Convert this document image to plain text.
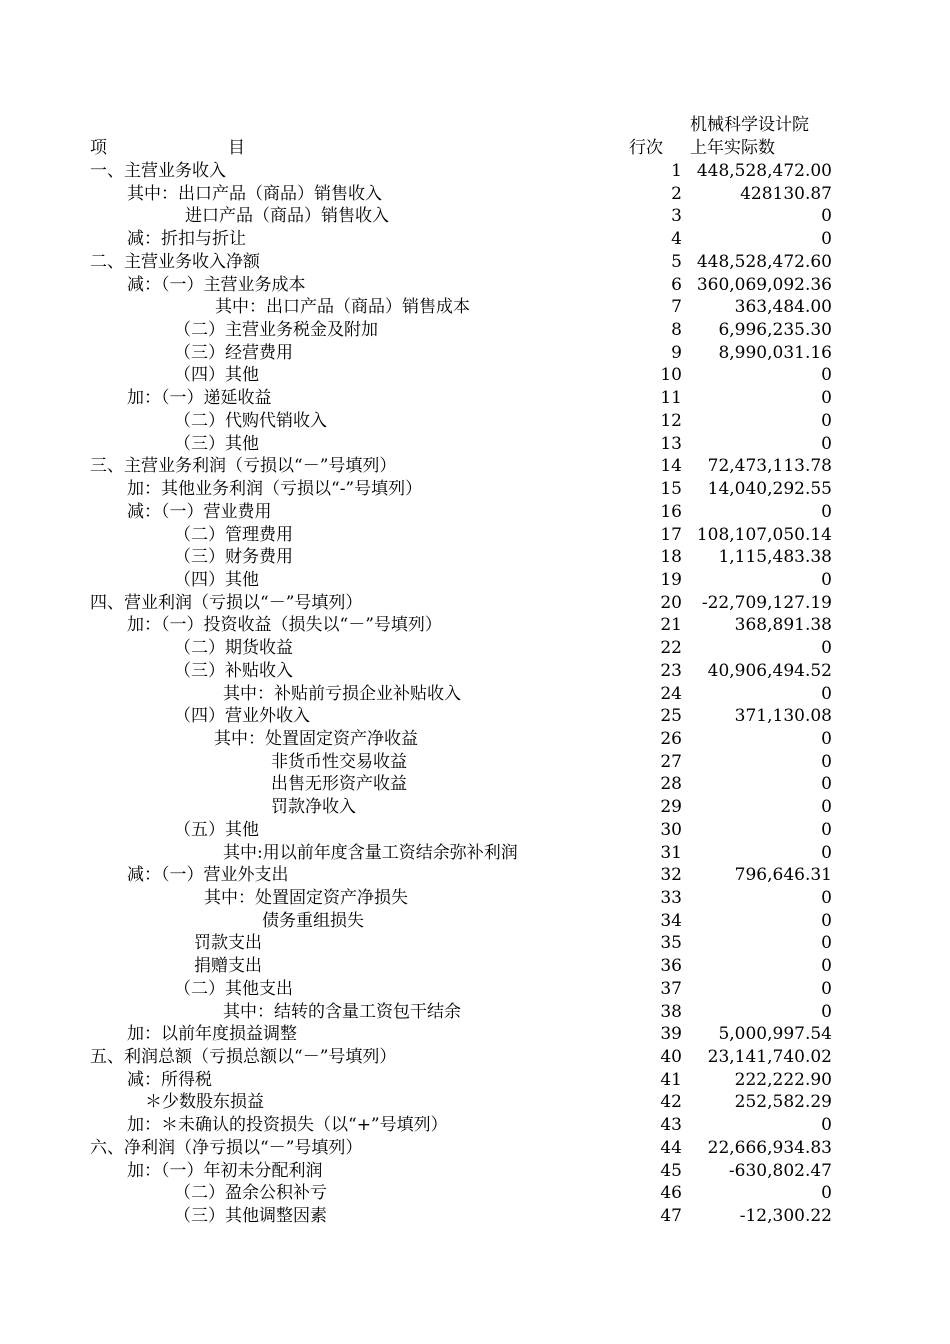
机械科学设计院
项	目	行次 上年实际数
一、主营业务收入	1 448,528,472.00
其中：出口产品（商品）销售收入	2	428130.87
进口产品（商品）销售收入	3	0
减：折扣与折让	4	0
二、主营业务收入净额	5 448,528,472.60
减：（一）主营业务成本	6 360,069,092.36
其中：出口产品（商品）销售成本	7	363,484.00
（二）主营业务税金及附加	8	6,996,235.30
（三）经营费用	9	8,990,031.16
（四）其他	10	0
加：（一）递延收益	11	0
（二）代购代销收入	12	0
（三）其他	13	0
三、主营业务利润（亏损以“－”号填列）	14	72,473,113.78
加：其他业务利润（亏损以“-”号填列）	15	14,040,292.55
减：（一）营业费用	16	0
（二）管理费用	17 108,107,050.14
（三）财务费用	18	1,115,483.38
（四）其他	19	0
四、营业利润（亏损以“－”号填列）	20	-22,709,127.19
加：（一）投资收益（损失以“－”号填列）	21	368,891.38
（二）期货收益	22	0
（三）补贴收入	23	40,906,494.52
其中：补贴前亏损企业补贴收入	24	0
（四）营业外收入	25	371,130.08
其中：处置固定资产净收益	26	0
非货币性交易收益	27	0
出售无形资产收益	28	0
罚款净收入	29	0
（五）其他	30	0
其中:用以前年度含量工资结余弥补利润	31	0
减：（一）营业外支出	32	796,646.31
其中：处置固定资产净损失	33	0
债务重组损失	34	0
罚款支出	35	0
捐赠支出	36	0
（二）其他支出	37	0
其中：结转的含量工资包干结余	38	0
加：以前年度损益调整	39	5,000,997.54
五、利润总额（亏损总额以“－”号填列）	40	23,141,740.02
减：所得税	41	222,222.90
＊少数股东损益	42	252,582.29
加：＊未确认的投资损失（以“+”号填列）	43	0
六、净利润（净亏损以“－”号填列）	44	22,666,934.83
加：（一）年初未分配利润	45	-630,802.47
（二）盈余公积补亏	46	0
（三）其他调整因素	47	-12,300.22
